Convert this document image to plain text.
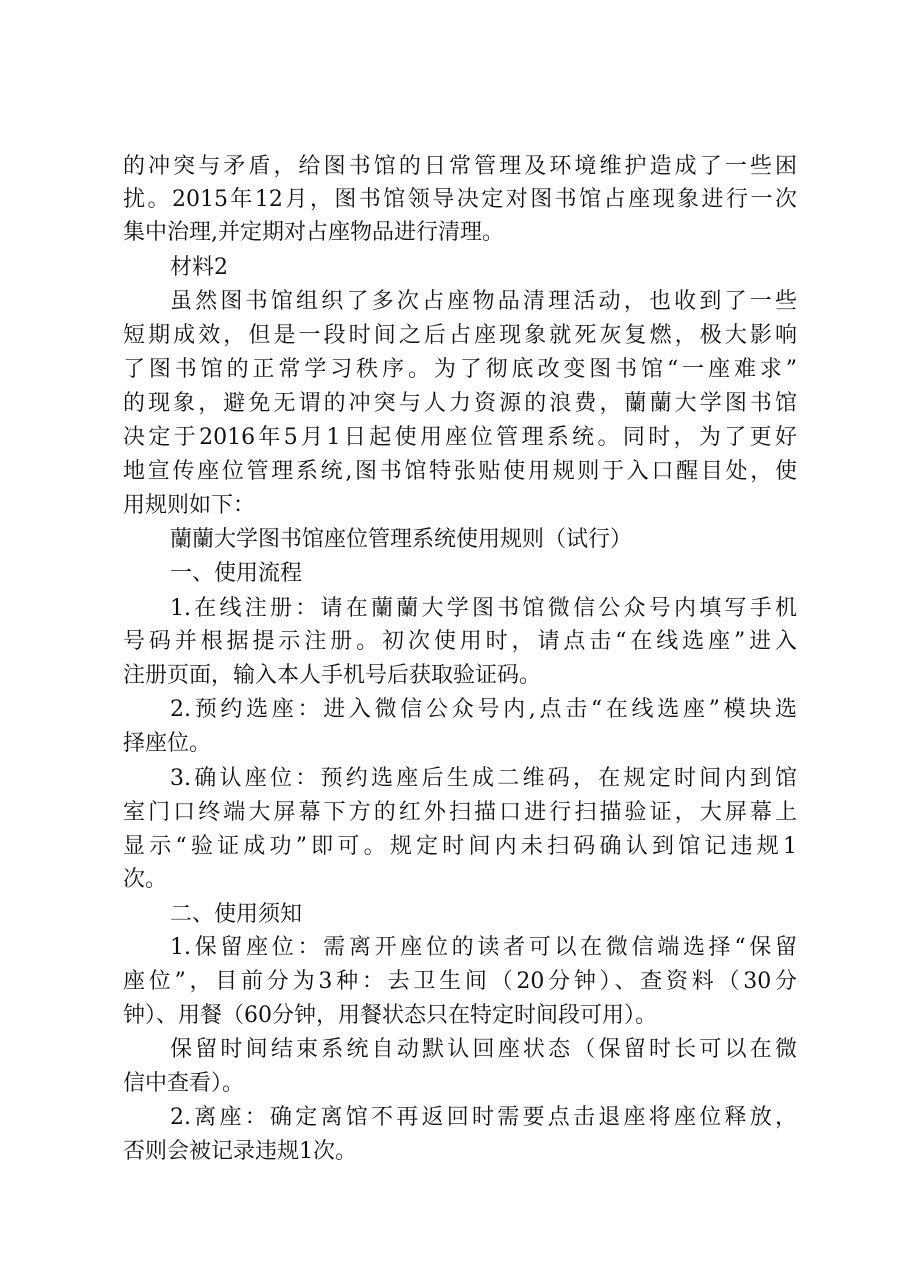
的冲突与矛盾，给图书馆的日常管理及环境维护造成了一些困
扰。2015年12月，图书馆领导决定对图书馆占座现象进行一次
集中治理,并定期对占座物品进行清理。
材料2
虽然图书馆组织了多次占座物品清理活动，也收到了一些
短期成效，但是一段时间之后占座现象就死灰复燃，极大影响
了图书馆的正常学习秩序。为了彻底改变图书馆“一座难求”
的现象，避免无谓的冲突与人力资源的浪费，蘭蘭大学图书馆
决定于2016年5月1日起使用座位管理系统。同时，为了更好
地宣传座位管理系统,图书馆特张贴使用规则于入口醒目处，使
用规则如下：
蘭蘭大学图书馆座位管理系统使用规则（试行）
一、使用流程
1.在线注册：请在蘭蘭大学图书馆微信公众号内填写手机
号码并根据提示注册。初次使用时，请点击“在线选座”进入
注册页面，输入本人手机号后获取验证码。
2.预约选座：进入微信公众号内,点击“在线选座”模块选
择座位。
3.确认座位：预约选座后生成二维码，在规定时间内到馆
室门口终端大屏幕下方的红外扫描口进行扫描验证，大屏幕上
显示“验证成功”即可。规定时间内未扫码确认到馆记违规1
次。
二、使用须知
1.保留座位：需离开座位的读者可以在微信端选择“保留
座位”，目前分为3种：去卫生间（20分钟）、查资料（30分
钟）、用餐（60分钟，用餐状态只在特定时间段可用）。
保留时间结束系统自动默认回座状态（保留时长可以在微
信中查看）。
2.离座：确定离馆不再返回时需要点击退座将座位释放，
否则会被记录违规1次。
